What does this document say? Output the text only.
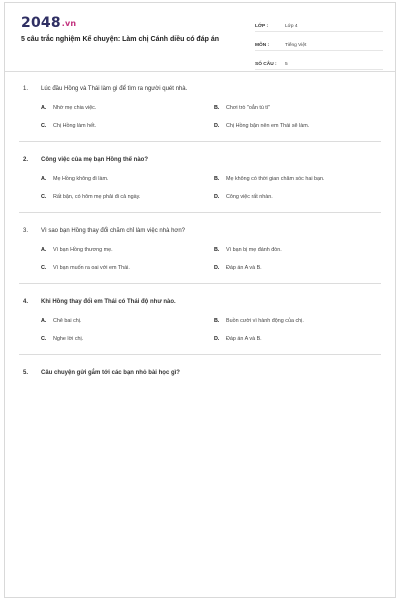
2048.vn
5 câu trắc nghiệm Kể chuyện: Làm chị Cánh diều có đáp án
LỚP :	Lớp 4
MÔN :	Tiếng Việt
SỐ CÂU :	5
1.	Lúc đầu Hồng và Thái làm gì để tìm ra người quét nhà.
A.	Nhờ mẹ chia việc.	B.	Chơi trò "oẳn tù tì"
C.	Chị Hồng làm hết.	D.	Chị Hồng bận nên em Thái sẽ làm.
2.	Công việc của mẹ bạn Hồng thế nào?
A.	Mẹ Hồng không đi làm.	B.	Mẹ không có thời gian chăm sóc hai bạn.
C.	Rất bận, có hôm mẹ phải đi cả ngày.	D.	Công việc rất nhàn.
3.	Vì sao bạn Hồng thay đổi chăm chỉ làm việc nhà hơn?
A.	Vì bạn Hồng thương mẹ.	B.	Vì bạn bị mẹ đánh đòn.
C.	Vì bạn muốn ra oai với em Thái.	D.	Đáp án A và B.
4.	Khi Hồng thay đổi em Thái có Thái độ như nào.
A.	Chê bai chị.	B.	Buồn cười vì hành động của chị.
C.	Nghe lời chị.	D.	Đáp án A và B.
5.	Câu chuyện gửi gắm tới các bạn nhỏ bài học gì?
